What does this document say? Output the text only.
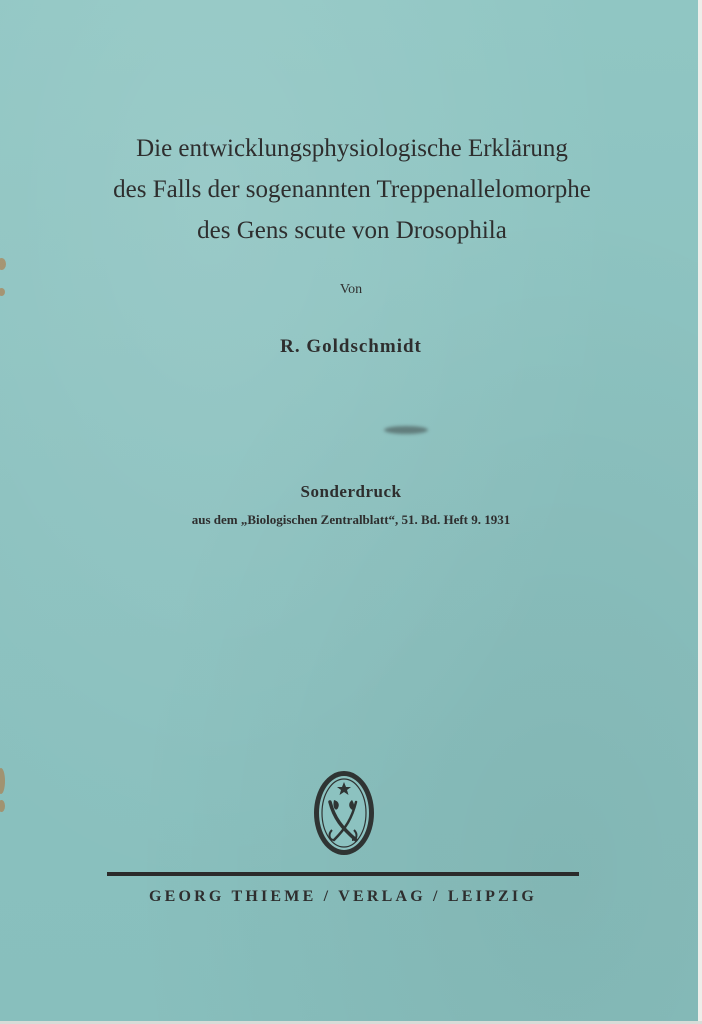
Die entwicklungsphysiologische Erklärung
des Falls der sogenannten Treppenallelomorphe
des Gens scute von Drosophila
Von
R. Goldschmidt
Sonderdruck
aus dem „Biologischen Zentralblatt“, 51. Bd. Heft 9. 1931
GEORG THIEME / VERLAG / LEIPZIG
